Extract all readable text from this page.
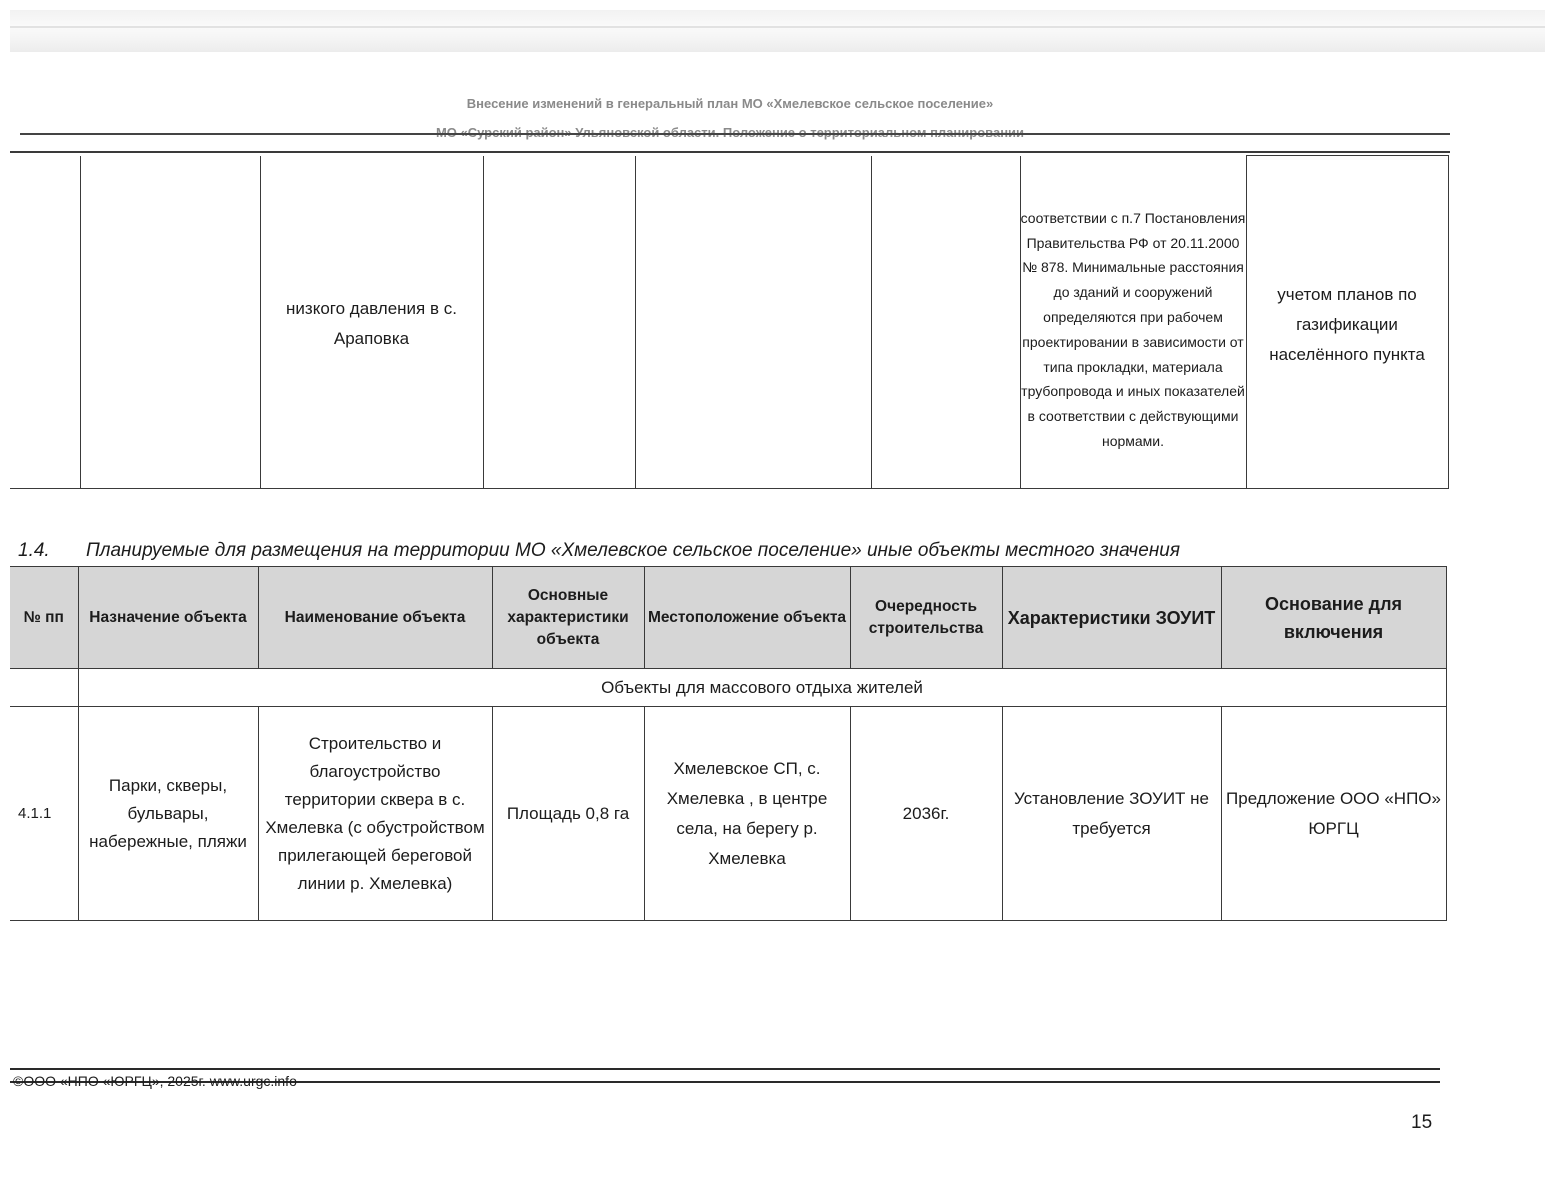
Внесение изменений в генеральный план МО «Хмелевское сельское поселение»
МО «Сурский район» Ульяновской области. Положение о территориальном планировании
		низкого давления в с. Араповка				соответствии с п.7 Постановления Правительства РФ от 20.11.2000 № 878. Минимальные расстояния до зданий и сооружений определяются при рабочем проектировании в зависимости от типа прокладки, материала трубопровода и иных показателей в соответствии с действующими нормами.	учетом планов по газификации населённого пункта
1.4. Планируемые для размещения на территории МО «Хмелевское сельское поселение» иные объекты местного значения
№ пп	Назначение объекта	Наименование объекта	Основные характеристики объекта	Местоположение объекта	Очередность строительства	Характеристики ЗОУИТ	Основание для включения
	Объекты для массового отдыха жителей						
4.1.1	Парки, скверы, бульвары, набережные, пляжи	Строительство и благоустройство территории сквера в с. Хмелевка (с обустройством прилегающей береговой линии р. Хмелевка)	Площадь 0,8 га	Хмелевское СП, с. Хмелевка , в центре села, на берегу р. Хмелевка	2036г.	Установление ЗОУИТ не требуется	Предложение ООО «НПО» ЮРГЦ
©ООО «НПО «ЮРГЦ», 2025г. www.urgc.info
15
